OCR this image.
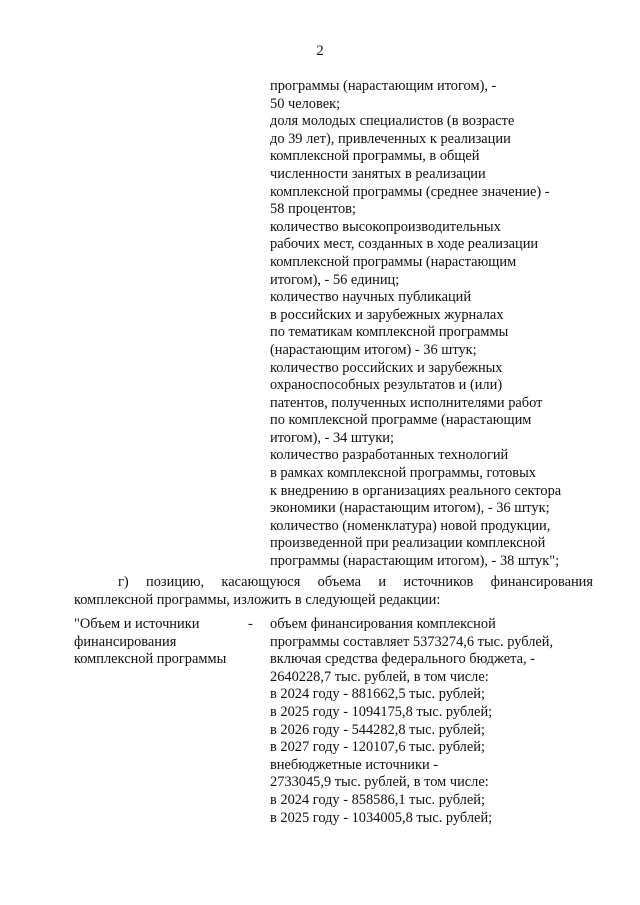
2
программы (нарастающим итогом), -
50 человек;
доля молодых специалистов (в возрасте
до 39 лет), привлеченных к реализации
комплексной программы, в общей
численности занятых в реализации
комплексной программы (среднее значение) -
58 процентов;
количество высокопроизводительных
рабочих мест, созданных в ходе реализации
комплексной программы (нарастающим
итогом), - 56 единиц;
количество научных публикаций
в российских и зарубежных журналах
по тематикам комплексной программы
(нарастающим итогом) - 36 штук;
количество российских и зарубежных
охраноспособных результатов и (или)
патентов, полученных исполнителями работ
по комплексной программе (нарастающим
итогом), - 34 штуки;
количество разработанных технологий
в рамках комплексной программы, готовых
к внедрению в организациях реального сектора
экономики (нарастающим итогом), - 36 штук;
количество (номенклатура) новой продукции,
произведенной при реализации комплексной
программы (нарастающим итогом), - 38 штук";
г) позицию, касающуюся объема и источников финансирования
комплексной программы, изложить в следующей редакции:
"Объем и источники
финансирования
комплексной программы
- объем финансирования комплексной
программы составляет 5373274,6 тыс. рублей,
включая средства федерального бюджета, -
2640228,7 тыс. рублей, в том числе:
в 2024 году - 881662,5 тыс. рублей;
в 2025 году - 1094175,8 тыс. рублей;
в 2026 году - 544282,8 тыс. рублей;
в 2027 году - 120107,6 тыс. рублей;
внебюджетные источники -
2733045,9 тыс. рублей, в том числе:
в 2024 году - 858586,1 тыс. рублей;
в 2025 году - 1034005,8 тыс. рублей;
